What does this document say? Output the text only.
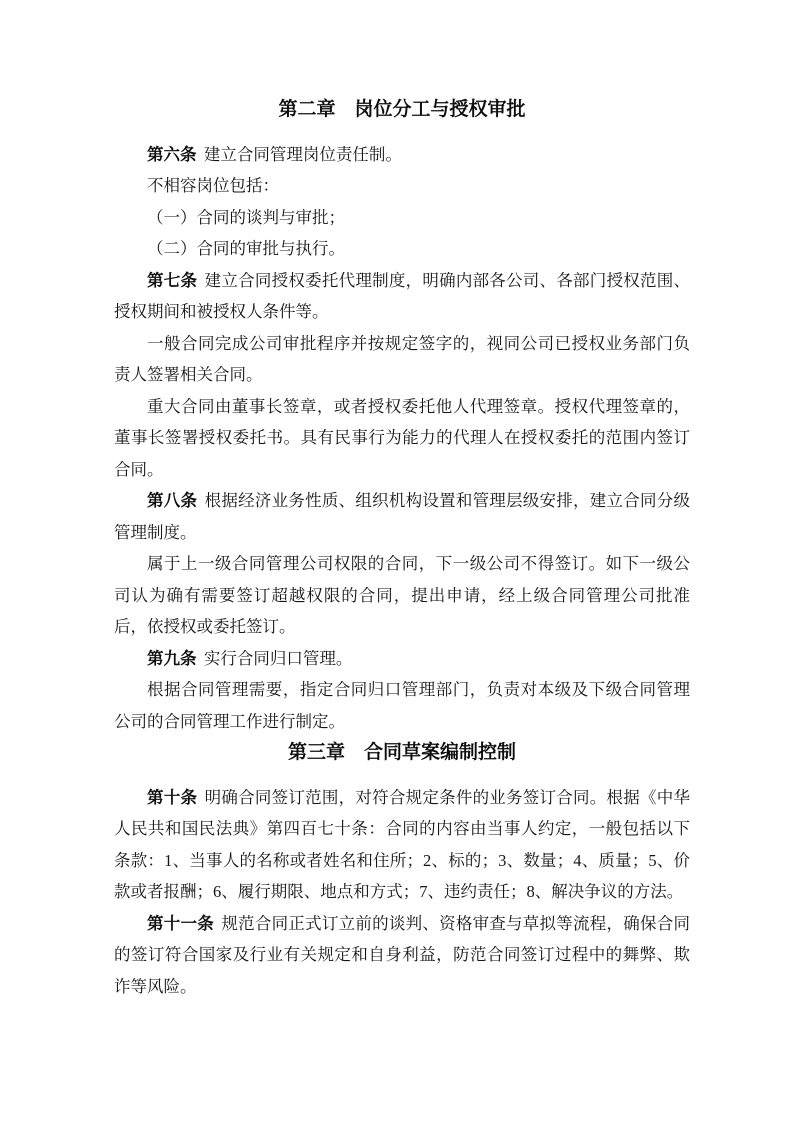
第二章　岗位分工与授权审批

第六条 建立合同管理岗位责任制。

不相容岗位包括：

（一）合同的谈判与审批；

（二）合同的审批与执行。

第七条 建立合同授权委托代理制度，明确内部各公司、各部门授权范围、授权期间和被授权人条件等。

一般合同完成公司审批程序并按规定签字的，视同公司已授权业务部门负责人签署相关合同。

重大合同由董事长签章，或者授权委托他人代理签章。授权代理签章的，董事长签署授权委托书。具有民事行为能力的代理人在授权委托的范围内签订合同。

第八条 根据经济业务性质、组织机构设置和管理层级安排，建立合同分级管理制度。

属于上一级合同管理公司权限的合同，下一级公司不得签订。如下一级公司认为确有需要签订超越权限的合同，提出申请，经上级合同管理公司批准后，依授权或委托签订。

第九条 实行合同归口管理。

根据合同管理需要，指定合同归口管理部门，负责对本级及下级合同管理公司的合同管理工作进行制定。

第三章　合同草案编制控制

第十条 明确合同签订范围，对符合规定条件的业务签订合同。根据《中华人民共和国民法典》第四百七十条：合同的内容由当事人约定，一般包括以下条款：1、当事人的名称或者姓名和住所；2、标的；3、数量；4、质量；5、价款或者报酬；6、履行期限、地点和方式；7、违约责任；8、解决争议的方法。

第十一条 规范合同正式订立前的谈判、资格审查与草拟等流程，确保合同的签订符合国家及行业有关规定和自身利益，防范合同签订过程中的舞弊、欺诈等风险。
